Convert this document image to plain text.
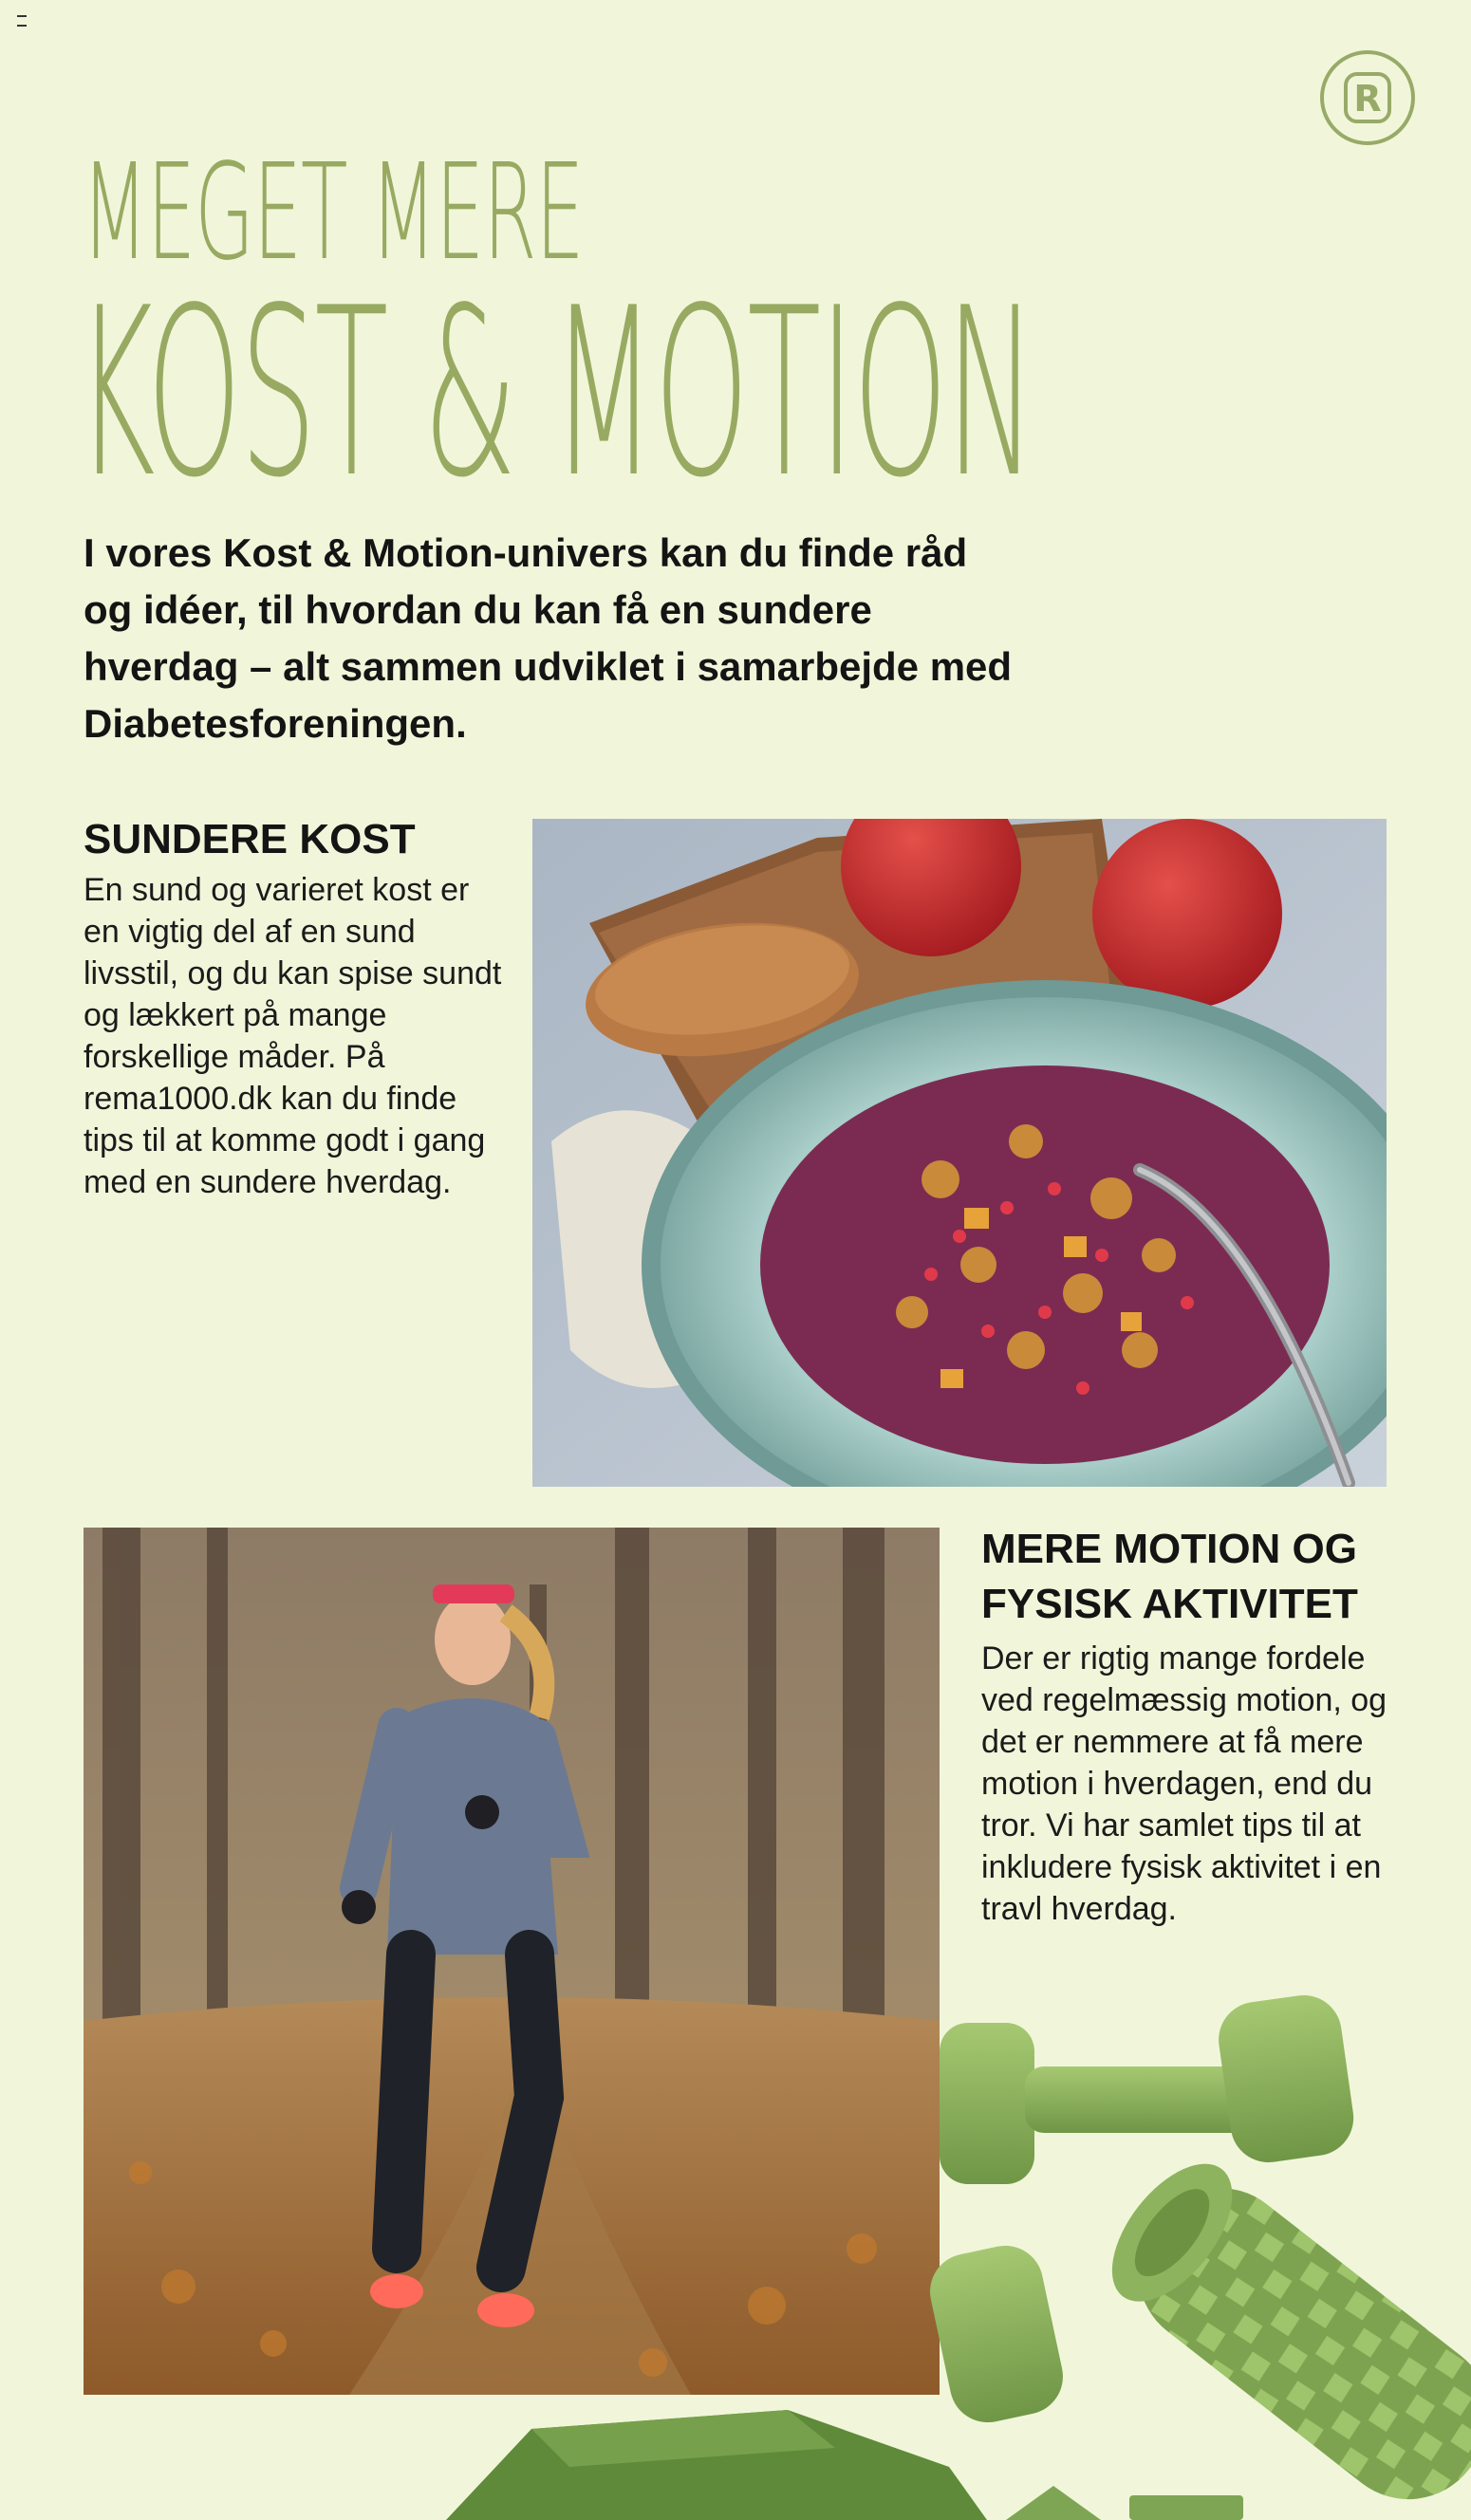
R
MEGET MERE
KOST & MOTION

I vores Kost & Motion-univers kan du finde råd og idéer, til hvordan du kan få en sundere hverdag – alt sammen udviklet i samarbejde med Diabetesforeningen.

SUNDERE KOST

En sund og varieret kost er en vigtig del af en sund livsstil, og du kan spise sundt og lækkert på mange forskellige måder. På rema1000.dk kan du finde tips til at komme godt i gang med en sundere hverdag.

MERE MOTION OG FYSISK AKTIVITET

Der er rigtig mange fordele ved regelmæssig motion, og det er nemmere at få mere motion i hverdagen, end du tror. Vi har samlet tips til at inkludere fysisk aktivitet i en travl hverdag.
